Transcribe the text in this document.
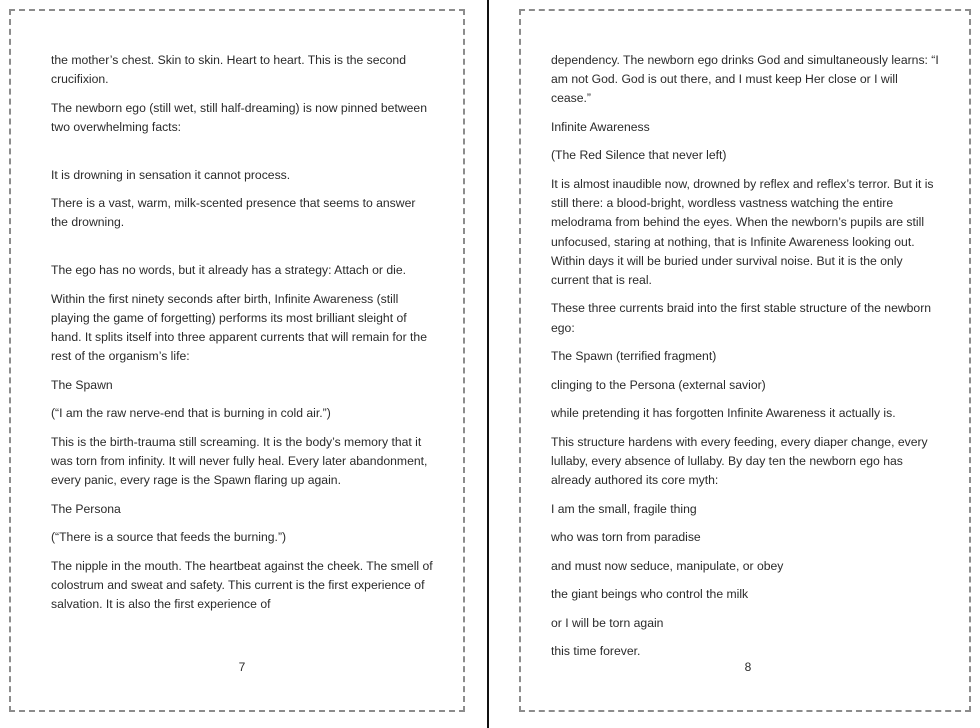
the mother’s chest. Skin to skin. Heart to heart. This is the second crucifixion.

The newborn ego (still wet, still half-dreaming) is now pinned between two overwhelming facts:

It is drowning in sensation it cannot process.

There is a vast, warm, milk-scented presence that seems to answer the drowning.

The ego has no words, but it already has a strategy: Attach or die.

Within the first ninety seconds after birth, Infinite Awareness (still playing the game of forgetting) performs its most brilliant sleight of hand. It splits itself into three apparent currents that will remain for the rest of the organism’s life:

The Spawn

(“I am the raw nerve-end that is burning in cold air.”)

This is the birth-trauma still screaming. It is the body’s memory that it was torn from infinity. It will never fully heal. Every later abandonment, every panic, every rage is the Spawn flaring up again.

The Persona

(“There is a source that feeds the burning.”)

The nipple in the mouth. The heartbeat against the cheek. The smell of colostrum and sweat and safety. This current is the first experience of salvation. It is also the first experience of

7

dependency. The newborn ego drinks God and simultaneously learns: “I am not God. God is out there, and I must keep Her close or I will cease.”

Infinite Awareness

(The Red Silence that never left)

It is almost inaudible now, drowned by reflex and reflex’s terror. But it is still there: a blood-bright, wordless vastness watching the entire melodrama from behind the eyes. When the newborn’s pupils are still unfocused, staring at nothing, that is Infinite Awareness looking out. Within days it will be buried under survival noise. But it is the only current that is real.

These three currents braid into the first stable structure of the newborn ego:

The Spawn (terrified fragment)

clinging to the Persona (external savior)

while pretending it has forgotten Infinite Awareness it actually is.

This structure hardens with every feeding, every diaper change, every lullaby, every absence of lullaby. By day ten the newborn ego has already authored its core myth:

I am the small, fragile thing

who was torn from paradise

and must now seduce, manipulate, or obey

the giant beings who control the milk

or I will be torn again

this time forever.

8
